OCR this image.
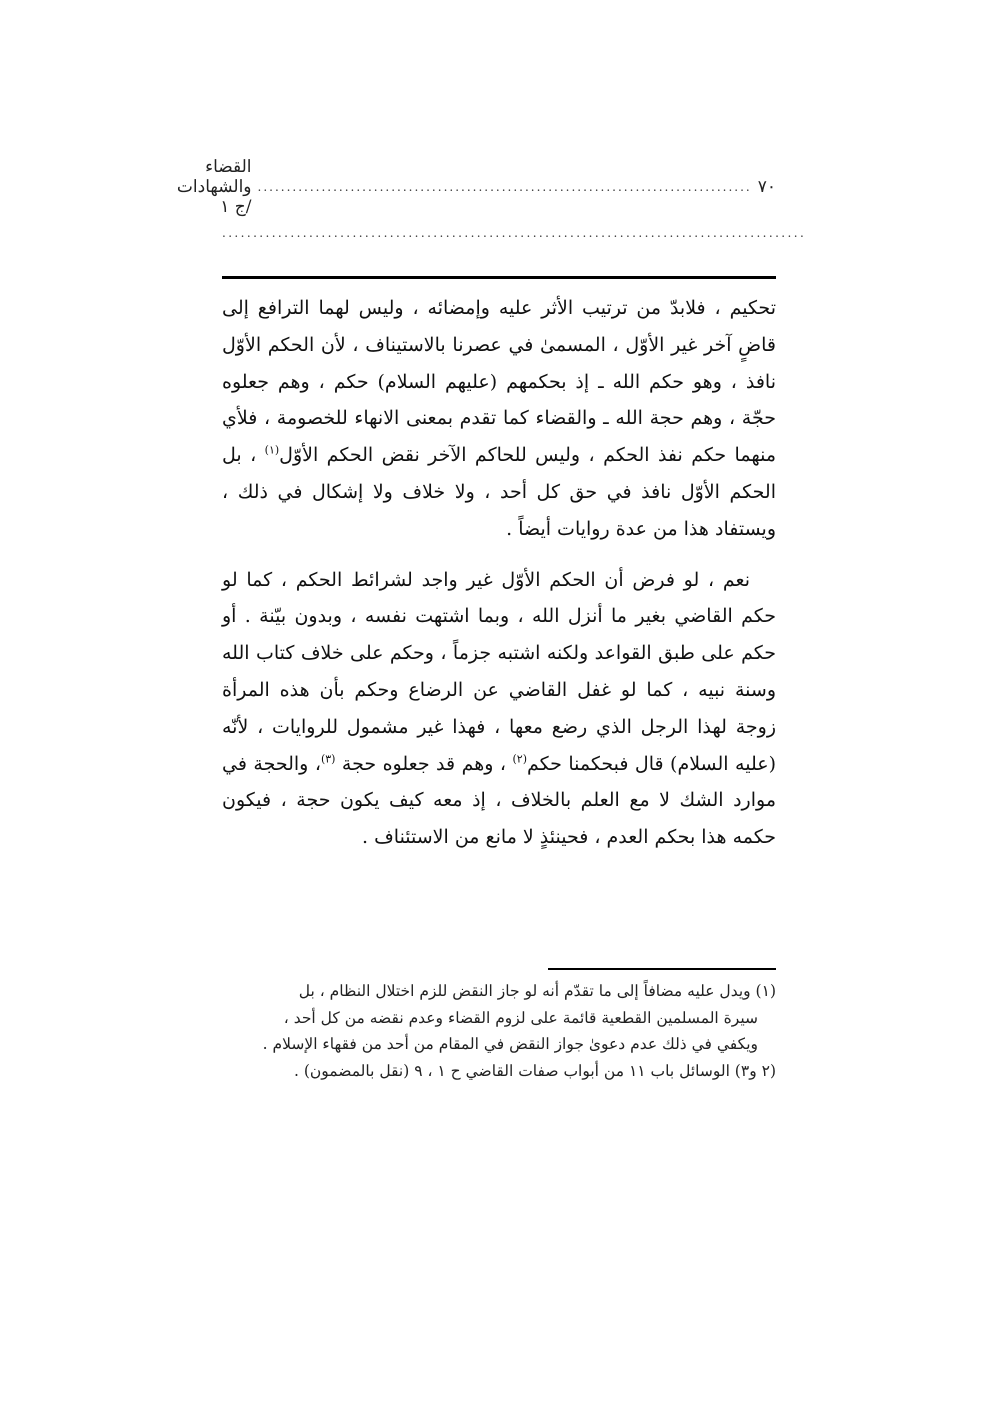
٧٠
.....................................................................................
القضاء والشهادات /ج ١
..............................................................................................

تحكيم ، فلابدّ من ترتيب الأثر عليه وإمضائه ، وليس لهما الترافع إلى قاضٍ آخر غير الأوّل ، المسمىٰ في عصرنا بالاستيناف ، لأن الحكم الأوّل نافذ ، وهو حكم الله ـ إذ بحكمهم (عليهم السلام) حكم ، وهم جعلوه حجّة ، وهم حجة الله ـ والقضاء كما تقدم بمعنى الانهاء للخصومة ، فلأي منهما حكم نفذ الحكم ، وليس للحاكم الآخر نقض الحكم الأوّل$^{(١)}$ ، بل الحكم الأوّل نافذ في حق كل أحد ، ولا خلاف ولا إشكال في ذلك ، ويستفاد هذا من عدة روايات أيضاً .

نعم ، لو فرض أن الحكم الأوّل غير واجد لشرائط الحكم ، كما لو حكم القاضي بغير ما أنزل الله ، وبما اشتهت نفسه ، وبدون بيّنة . أو حكم على طبق القواعد ولكنه اشتبه جزماً ، وحكم على خلاف كتاب الله وسنة نبيه ، كما لو غفل القاضي عن الرضاع وحكم بأن هذه المرأة زوجة لهذا الرجل الذي رضع معها ، فهذا غير مشمول للروايات ، لأنّه (عليه السلام) قال فبحكمنا حكم$^{(٢)}$ ، وهم قد جعلوه حجة $^{(٣)}$، والحجة في موارد الشك لا مع العلم بالخلاف ، إذ معه كيف يكون حجة ، فيكون حكمه هذا بحكم العدم ، فحينئذٍ لا مانع من الاستئناف .

(١) ويدل عليه مضافاً إلى ما تقدّم أنه لو جاز النقض للزم اختلال النظام ، بل

سيرة المسلمين القطعية قائمة على لزوم القضاء وعدم نقضه من كل أحد ،

ويكفي في ذلك عدم دعوىٰ جواز النقض في المقام من أحد من فقهاء الإسلام .

(٢ و٣) الوسائل باب ١١ من أبواب صفات القاضي ح ١ ، ٩ (نقل بالمضمون) .
